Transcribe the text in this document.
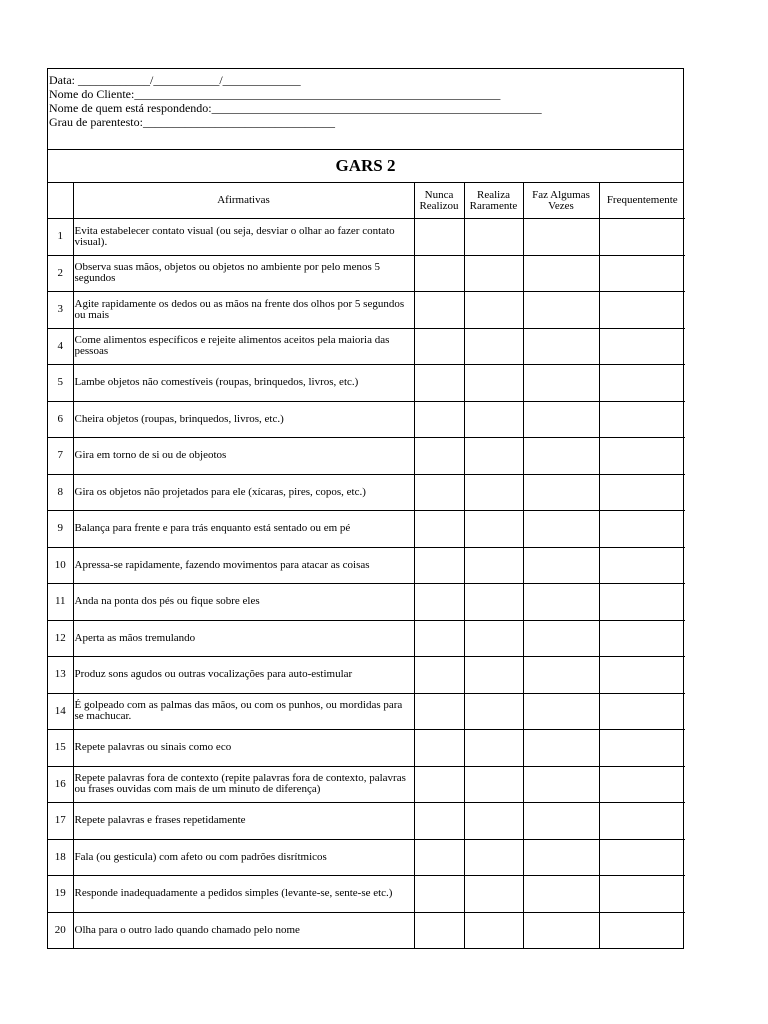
Data: ____________/___________/_____________
Nome do Cliente:_____________________________________________________________
Nome de quem está respondendo:_______________________________________________________
Grau de parentesto:________________________________
GARS 2
	Afirmativas	Nunca Realizou	Realiza Raramente	Faz Algumas Vezes	Frequentemente
1	Evita estabelecer contato visual (ou seja, desviar o olhar ao fazer contato visual).				
2	Observa suas mãos, objetos ou objetos no ambiente por pelo menos 5 segundos				
3	Agite rapidamente os dedos ou as mãos na frente dos olhos por 5 segundos ou mais				
4	Come alimentos específicos e rejeite alimentos aceitos pela maioria das pessoas				
5	Lambe objetos não comestíveis (roupas, brinquedos, livros, etc.)				
6	Cheira objetos (roupas, brinquedos, livros, etc.)				
7	Gira em torno de si ou de objeotos				
8	Gira os objetos não projetados para ele (xícaras, pires, copos, etc.)				
9	Balança para frente e para trás enquanto está sentado ou em pé				
10	Apressa-se rapidamente, fazendo movimentos para atacar as coisas				
11	Anda na ponta dos pés ou fique sobre eles				
12	Aperta as mãos tremulando				
13	Produz sons agudos ou outras vocalizações para auto-estimular				
14	É golpeado com as palmas das mãos, ou com os punhos, ou mordidas para se machucar.				
15	Repete palavras ou sinais como eco				
16	Repete palavras fora de contexto (repite palavras fora de contexto, palavras ou frases ouvidas com mais de um minuto de diferença)				
17	Repete palavras e frases repetidamente				
18	Fala (ou gesticula) com afeto ou com padrões disrítmicos				
19	Responde inadequadamente a pedidos simples (levante-se, sente-se etc.)				
20	Olha para o outro lado quando chamado pelo nome				
